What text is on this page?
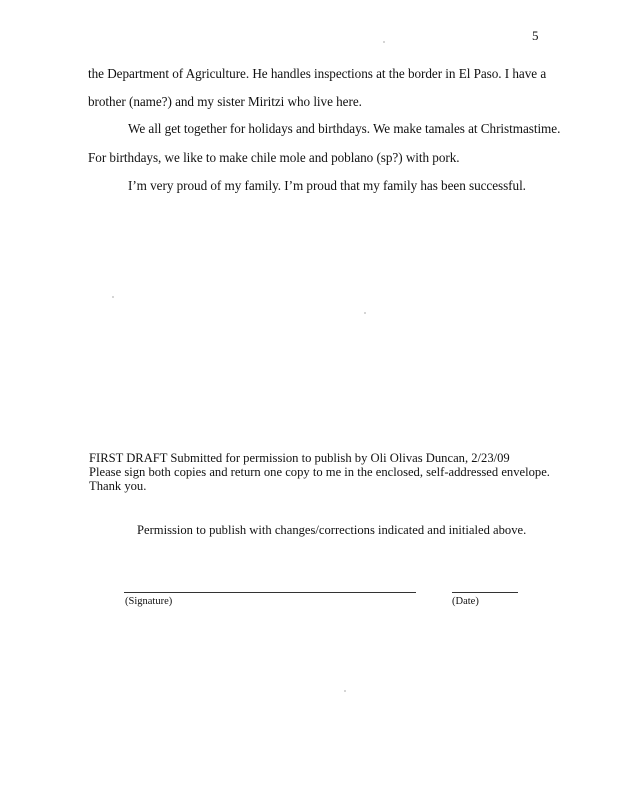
5
the Department of Agriculture. He handles inspections at the border in El Paso. I have a
brother (name?) and my sister Miritzi who live here.
We all get together for holidays and birthdays. We make tamales at Christmastime.
For birthdays, we like to make chile mole and poblano (sp?) with pork.
I’m very proud of my family. I’m proud that my family has been successful.
FIRST DRAFT Submitted for permission to publish by Oli Olivas Duncan, 2/23/09
Please sign both copies and return one copy to me in the enclosed, self-addressed envelope.
Thank you.
Permission to publish with changes/corrections indicated and initialed above.
(Signature)	(Date)
